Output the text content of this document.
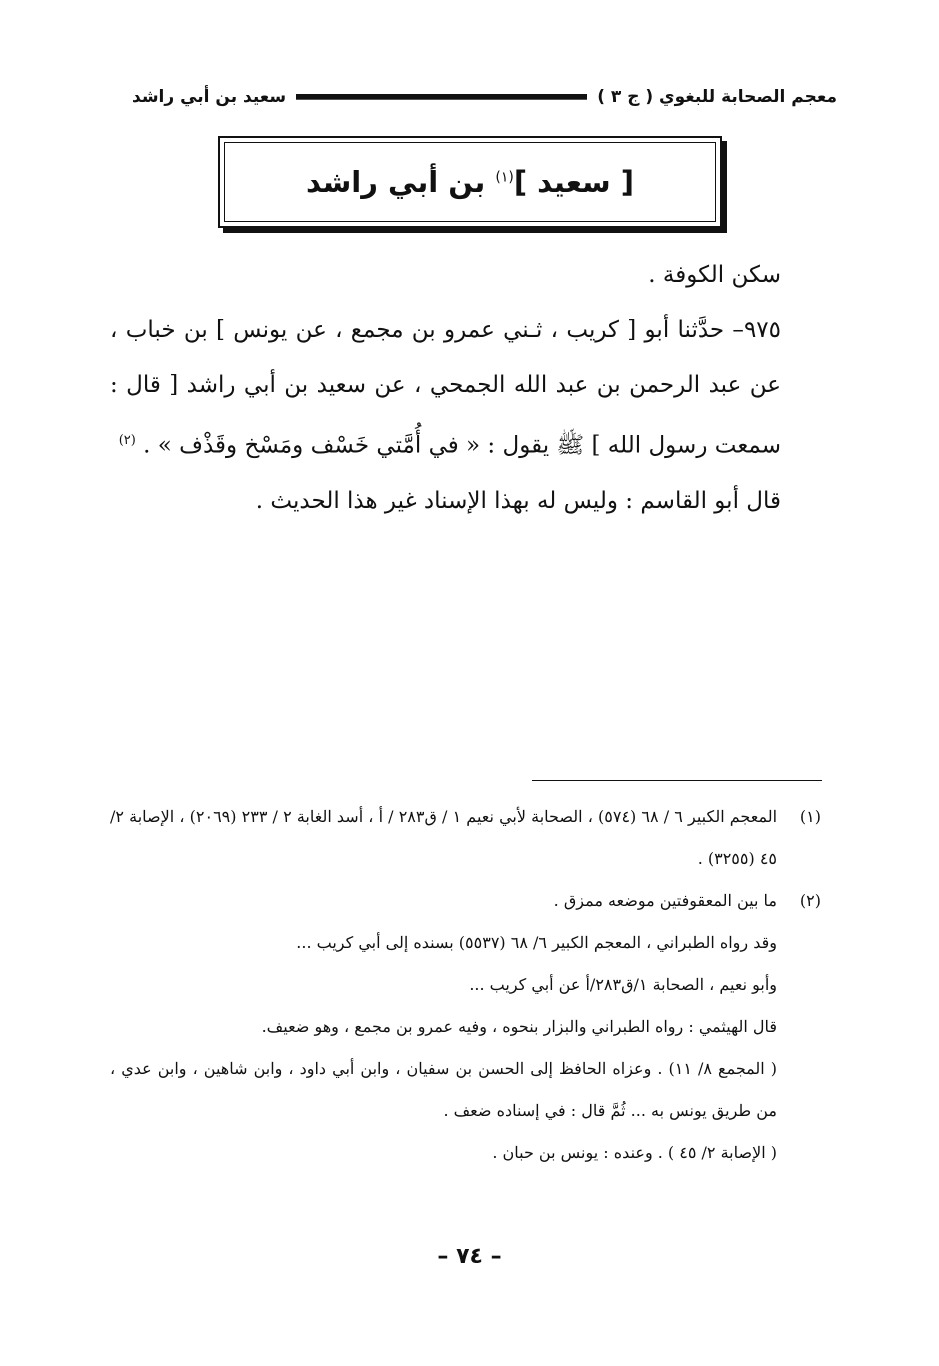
معجم الصحابة للبغوي ( ج ٣ )
سعيد بن أبي راشد
[ سعيد ]$^{(١)}$ بن أبي راشد

سكن الكوفة .

٩٧٥– حدَّثنا أبو [ كريب ، ثـني عمرو بن مجمع ، عن يونس ] بن خباب ، عن عبد الرحمن بن عبد الله الجمحي ، عن سعيد بن أبي راشد [ قال : سمعت رسول الله ] ﷺ يقول : « في أُمَّتي خَسْف ومَسْخ وقَذْف » . $^{(٢)}$

قال أبو القاسم : وليس له بهذا الإسناد غير هذا الحديث .

(١)
المعجم الكبير ٦ / ٦٨ (٥٧٤) ، الصحابة لأبي نعيم ١ / ق٢٨٣ / أ ، أسد الغابة ٢ / ٢٣٣ (٢٠٦٩) ، الإصابة ٢/ ٤٥ (٣٢٥٥) .
(٢)
ما بين المعقوفتين موضعه ممزق .
وقد رواه الطبراني ، المعجم الكبير ٦/ ٦٨ (٥٥٣٧) بسنده إلى أبي كريب ...
وأبو نعيم ، الصحابة ١/ق٢٨٣/أ عن أبي كريب ...
قال الهيثمي : رواه الطبراني والبزار بنحوه ، وفيه عمرو بن مجمع ، وهو ضعيف.
( المجمع ٨/ ١١) . وعزاه الحافظ إلى الحسن بن سفيان ، وابن أبي داود ، وابن شاهين ، وابن عدي ، من طريق يونس به ... ثُمَّ قال : في إسناده ضعف .
( الإصابة ٢/ ٤٥ ) . وعنده : يونس بن حبان .
– ٧٤ –
